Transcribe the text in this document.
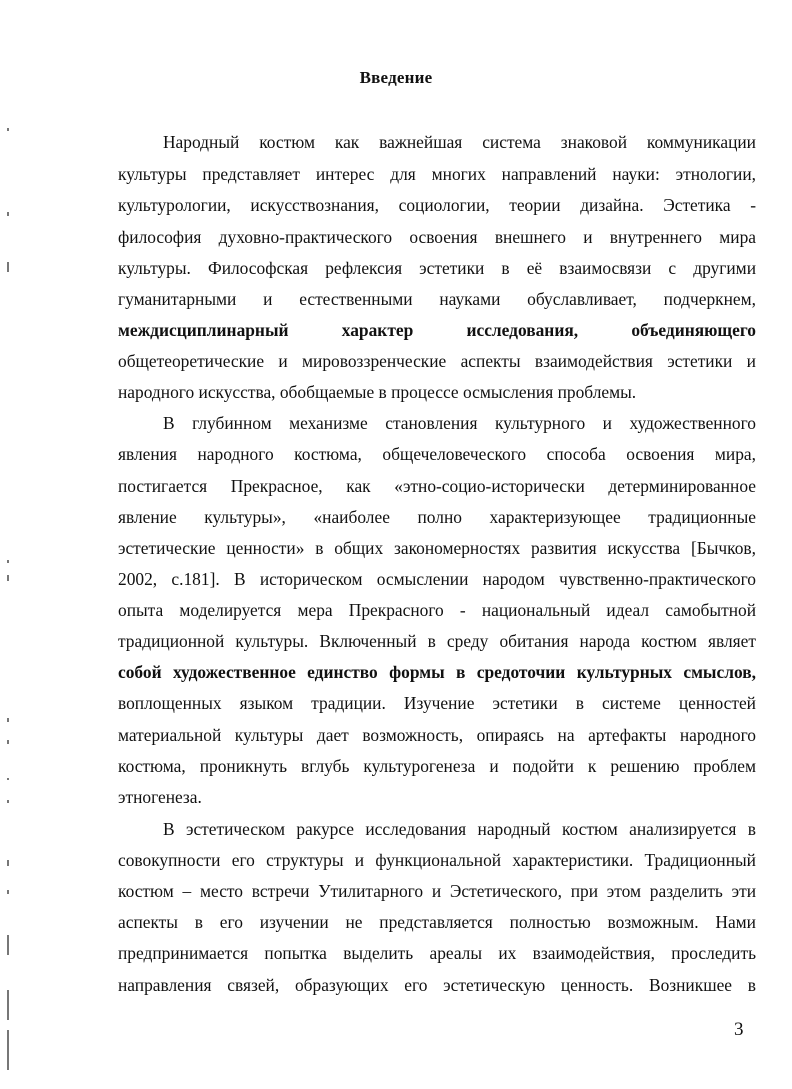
Введение

Народный костюм как важнейшая система знаковой коммуникации

культуры представляет интерес для многих направлений науки: этнологии,

культурологии, искусствознания, социологии, теории дизайна. Эстетика -

философия духовно-практического освоения внешнего и внутреннего мира

культуры. Философская рефлексия эстетики в её взаимосвязи с другими

гуманитарными и естественными науками обуславливает, подчеркнем,

междисциплинарный характер исследования, объединяющего

общетеоретические и мировоззренческие аспекты взаимодействия эстетики и

народного искусства, обобщаемые в процессе осмысления проблемы.

В глубинном механизме становления культурного и художественного

явления народного костюма, общечеловеческого способа освоения мира,

постигается Прекрасное, как «этно-социо-исторически детерминированное

явление культуры», «наиболее полно характеризующее традиционные

эстетические ценности» в общих закономерностях развития искусства [Бычков,

2002, с.181]. В историческом осмыслении народом чувственно-практического

опыта моделируется мера Прекрасного - национальный идеал самобытной

традиционной культуры. Включенный в среду обитания народа костюм являет

собой художественное единство формы в средоточии культурных смыслов,

воплощенных языком традиции. Изучение эстетики в системе ценностей

материальной культуры дает возможность, опираясь на артефакты народного

костюма, проникнуть вглубь культурогенеза и подойти к решению проблем

этногенеза.

В эстетическом ракурсе исследования народный костюм анализируется в

совокупности его структуры и функциональной характеристики. Традиционный

костюм – место встречи Утилитарного и Эстетического, при этом разделить эти

аспекты в его изучении не представляется полностью возможным. Нами

предпринимается попытка выделить ареалы их взаимодействия, проследить

направления связей, образующих его эстетическую ценность. Возникшее в

3
